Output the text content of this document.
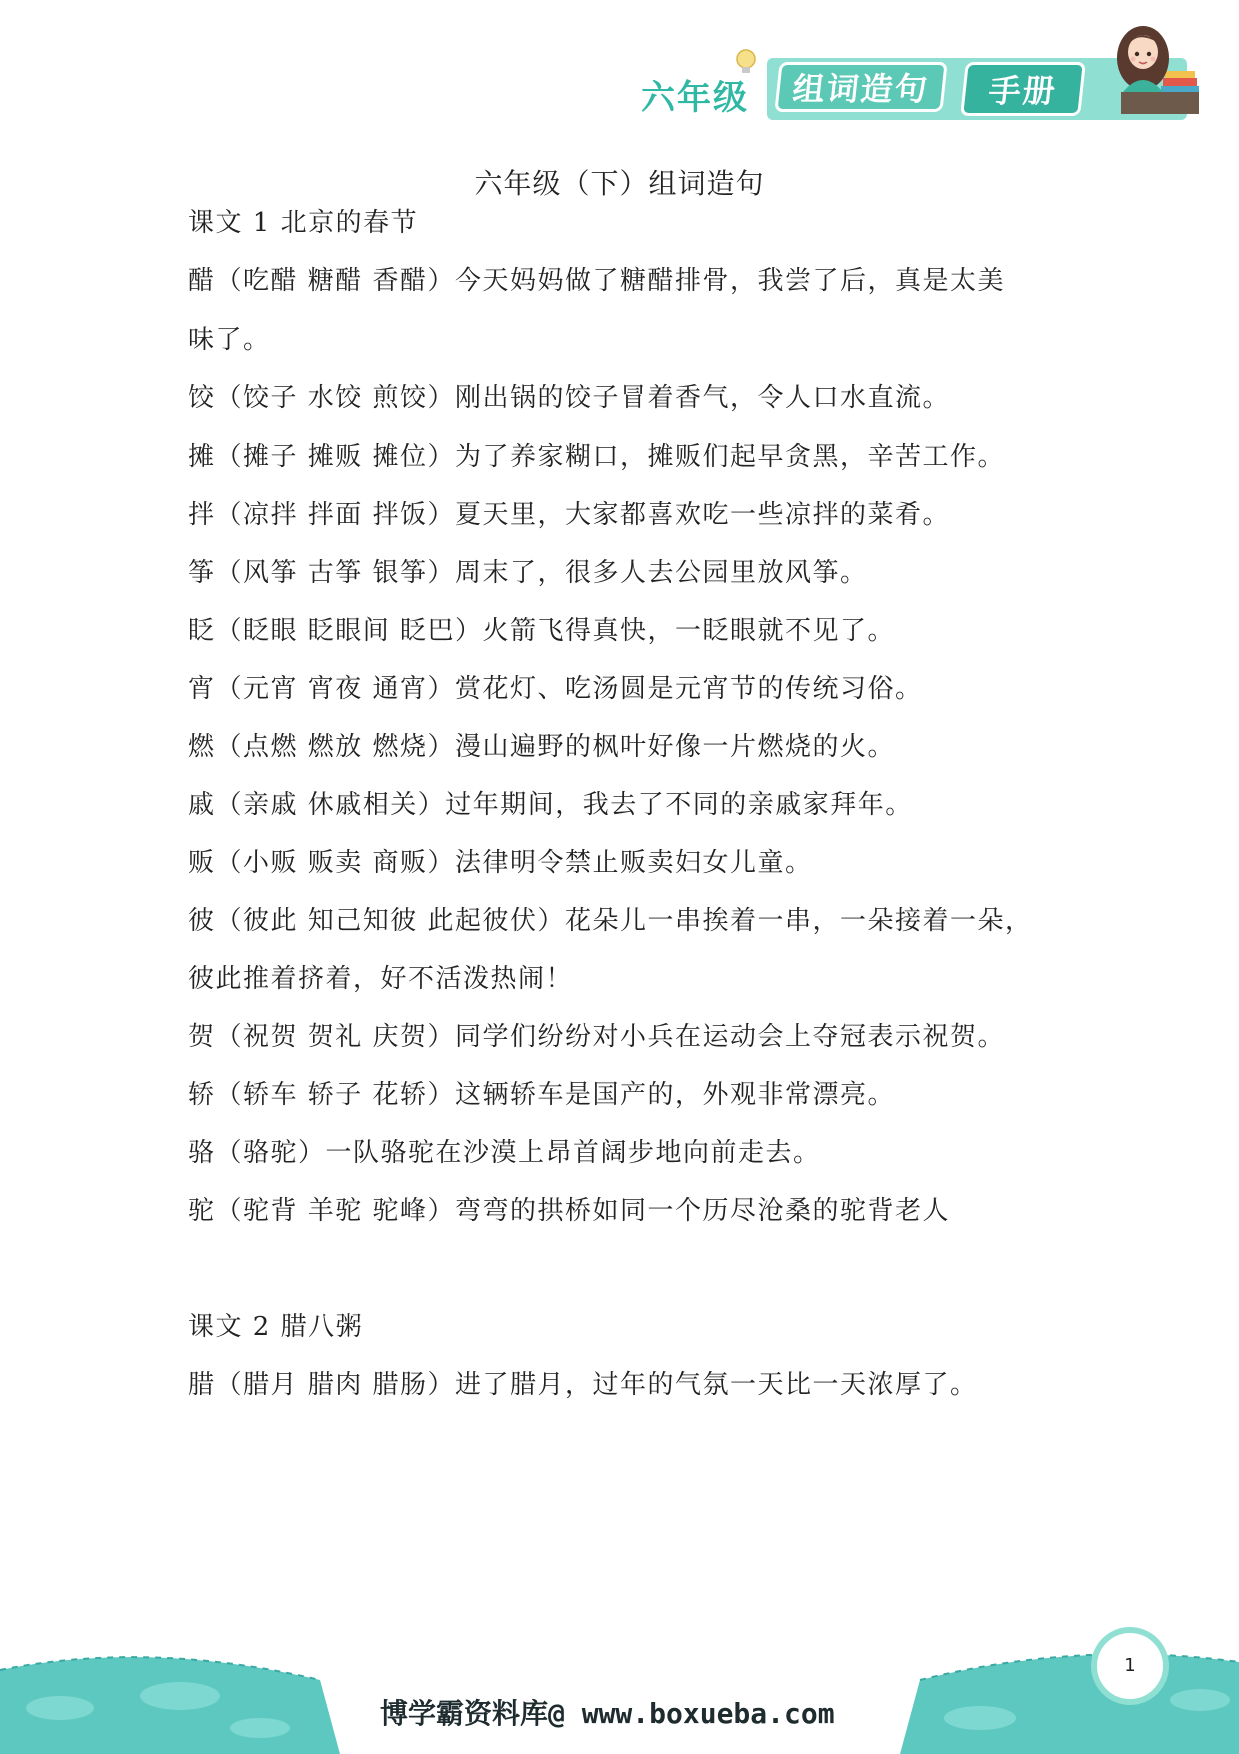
六年级 组词造句 手册
六年级（下）组词造句
课文 1 北京的春节
醋（吃醋 糖醋 香醋）今天妈妈做了糖醋排骨，我尝了后，真是太美
味了。
饺（饺子 水饺 煎饺）刚出锅的饺子冒着香气，令人口水直流。
摊（摊子 摊贩 摊位）为了养家糊口，摊贩们起早贪黑，辛苦工作。
拌（凉拌 拌面 拌饭）夏天里，大家都喜欢吃一些凉拌的菜肴。
筝（风筝 古筝 银筝）周末了，很多人去公园里放风筝。
眨（眨眼 眨眼间 眨巴）火箭飞得真快，一眨眼就不见了。
宵（元宵 宵夜 通宵）赏花灯、吃汤圆是元宵节的传统习俗。
燃（点燃 燃放 燃烧）漫山遍野的枫叶好像一片燃烧的火。
戚（亲戚 休戚相关）过年期间，我去了不同的亲戚家拜年。
贩（小贩 贩卖 商贩）法律明令禁止贩卖妇女儿童。
彼（彼此 知己知彼 此起彼伏）花朵儿一串挨着一串，一朵接着一朵，
彼此推着挤着，好不活泼热闹！
贺（祝贺 贺礼 庆贺）同学们纷纷对小兵在运动会上夺冠表示祝贺。
轿（轿车 轿子 花轿）这辆轿车是国产的，外观非常漂亮。
骆（骆驼）一队骆驼在沙漠上昂首阔步地向前走去。
驼（驼背 羊驼 驼峰）弯弯的拱桥如同一个历尽沧桑的驼背老人
课文 2 腊八粥
腊（腊月 腊肉 腊肠）进了腊月，过年的气氛一天比一天浓厚了。
1
博学霸资料库@ www.boxueba.com
